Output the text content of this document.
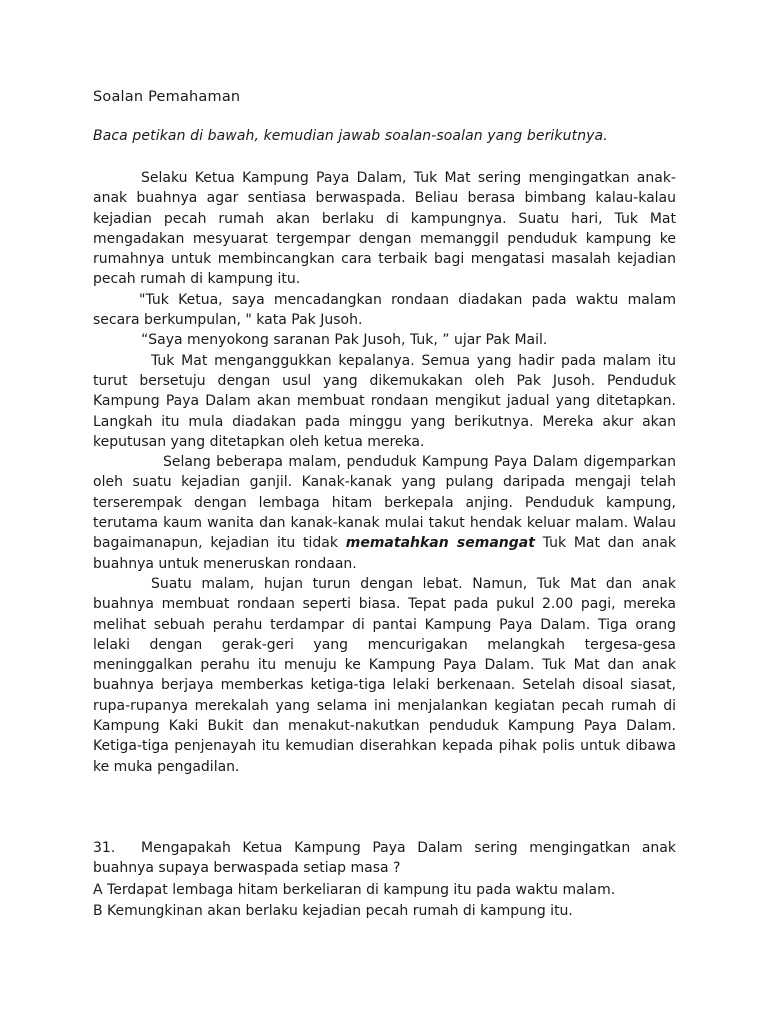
Soalan Pemahaman
Baca petikan di bawah, kemudian jawab soalan-soalan yang berikutnya.

Selaku Ketua Kampung Paya Dalam, Tuk Mat sering mengingatkan anak-anak buahnya agar sentiasa berwaspada. Beliau berasa bimbang kalau-kalau kejadian pecah rumah akan berlaku di kampungnya. Suatu hari, Tuk Mat mengadakan mesyuarat tergempar dengan memanggil penduduk kampung ke rumahnya untuk membincangkan cara terbaik bagi mengatasi masalah kejadian pecah rumah di kampung itu.

"Tuk Ketua, saya mencadangkan rondaan diadakan pada waktu malam secara berkumpulan, " kata Pak Jusoh.

“Saya menyokong saranan Pak Jusoh, Tuk, ” ujar Pak Mail.

Tuk Mat menganggukkan kepalanya. Semua yang hadir pada malam itu turut bersetuju dengan usul yang dikemukakan oleh Pak Jusoh. Penduduk Kampung Paya Dalam akan membuat rondaan mengikut jadual yang ditetapkan. Langkah itu mula diadakan pada minggu yang berikutnya. Mereka akur akan keputusan yang ditetapkan oleh ketua mereka.

Selang beberapa malam, penduduk Kampung Paya Dalam digemparkan oleh suatu kejadian ganjil. Kanak-kanak yang pulang daripada mengaji telah terserempak dengan lembaga hitam berkepala anjing. Penduduk kampung, terutama kaum wanita dan kanak-kanak mulai takut hendak keluar malam. Walau bagaimanapun, kejadian itu tidak mematahkan semangat Tuk Mat dan anak buahnya untuk meneruskan rondaan.

Suatu malam, hujan turun dengan lebat. Namun, Tuk Mat dan anak buahnya membuat rondaan seperti biasa. Tepat pada pukul 2.00 pagi, mereka melihat sebuah perahu terdampar di pantai Kampung Paya Dalam. Tiga orang lelaki dengan gerak-geri yang mencurigakan melangkah tergesa-gesa meninggalkan perahu itu menuju ke Kampung Paya Dalam. Tuk Mat dan anak buahnya berjaya memberkas ketiga-tiga lelaki berkenaan. Setelah disoal siasat, rupa-rupanya merekalah yang selama ini menjalankan kegiatan pecah rumah di Kampung Kaki Bukit dan menakut-nakutkan penduduk Kampung Paya Dalam. Ketiga-tiga penjenayah itu kemudian diserahkan kepada pihak polis untuk dibawa ke muka pengadilan.

31. Mengapakah Ketua Kampung Paya Dalam sering mengingatkan anak buahnya supaya berwaspada setiap masa ?
A Terdapat lembaga hitam berkeliaran di kampung itu pada waktu malam.
B Kemungkinan akan berlaku kejadian pecah rumah di kampung itu.
